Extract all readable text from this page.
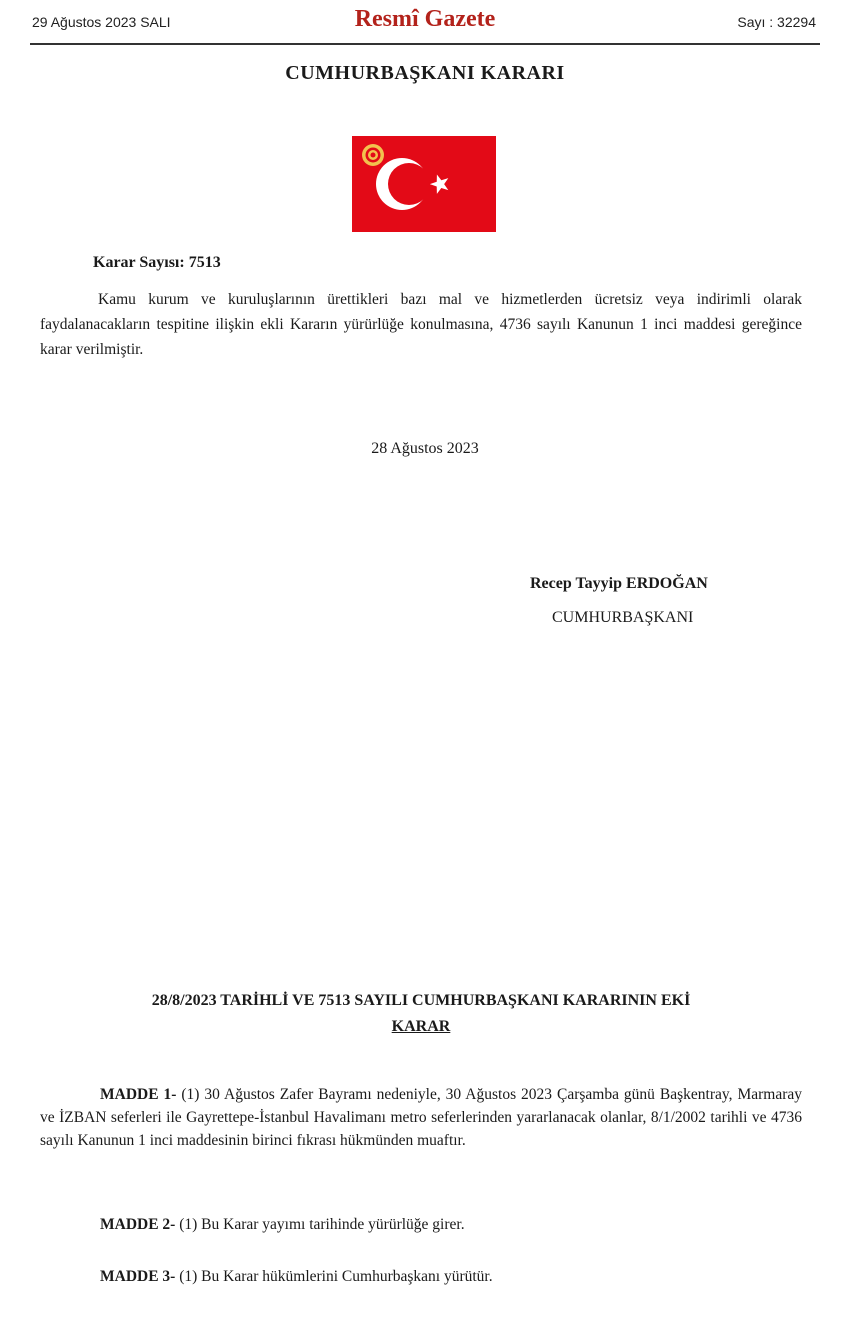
29 Ağustos 2023 SALI	Resmî Gazete	Sayı : 32294
CUMHURBAŞKANI KARARI
Karar Sayısı: 7513
Kamu kurum ve kuruluşlarının ürettikleri bazı mal ve hizmetlerden ücretsiz veya indirimli olarak faydalanacakların tespitine ilişkin ekli Kararın yürürlüğe konulmasına, 4736 sayılı Kanunun 1 inci maddesi gereğince karar verilmiştir.
28 Ağustos 2023
Recep Tayyip ERDOĞAN
CUMHURBAŞKANI
28/8/2023 TARİHLİ VE 7513 SAYILI CUMHURBAŞKANI KARARININ EKİ
KARAR
MADDE 1- (1) 30 Ağustos Zafer Bayramı nedeniyle, 30 Ağustos 2023 Çarşamba günü Başkentray, Marmaray ve İZBAN seferleri ile Gayrettepe-İstanbul Havalimanı metro seferlerinden yararlanacak olanlar, 8/1/2002 tarihli ve 4736 sayılı Kanunun 1 inci maddesinin birinci fıkrası hükmünden muaftır.
MADDE 2- (1) Bu Karar yayımı tarihinde yürürlüğe girer.
MADDE 3- (1) Bu Karar hükümlerini Cumhurbaşkanı yürütür.
